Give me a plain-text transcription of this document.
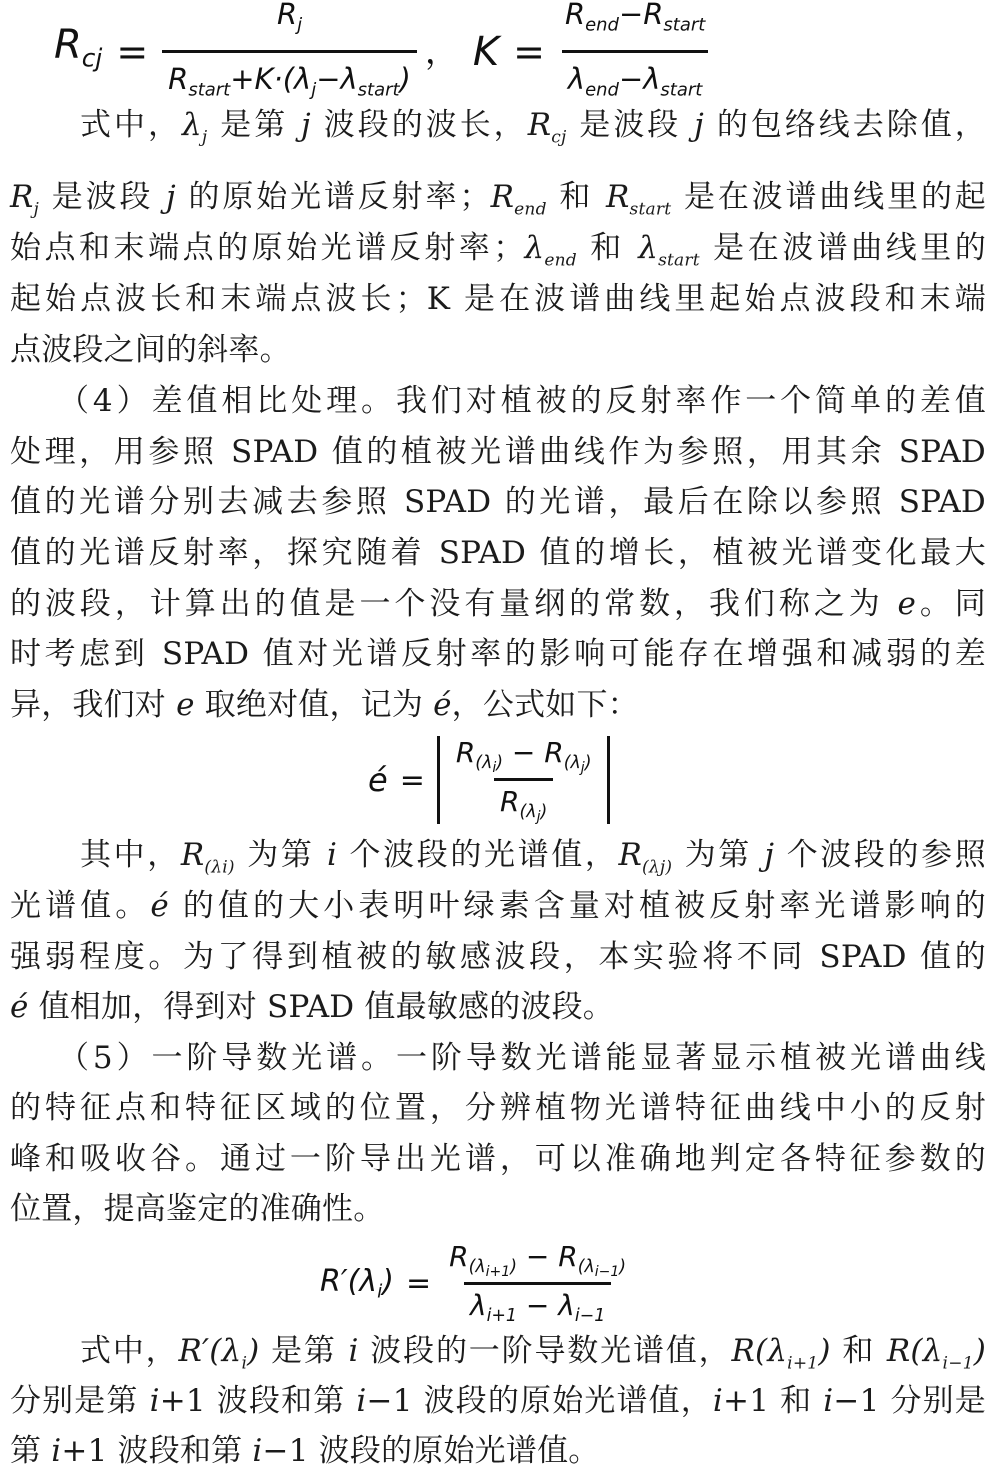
$R_{cj} = \frac{R_j}{R_{start}+K\cdot(\lambda_j-\lambda_{start})}$ ， $K = \frac{R_{end}-R_{start}}{\lambda_{end}-\lambda_{start}}$
式中，$\lambda_j$ 是第 j 波段的波长，$R_{cj}$ 是波段 j 的包络线去除值，
$R_j$ 是波段 j 的原始光谱反射率；$R_{end}$ 和 $R_{start}$ 是在波谱曲线里的起
始点和末端点的原始光谱反射率；$\lambda_{end}$ 和 $\lambda_{start}$ 是在波谱曲线里的
起始点波长和末端点波长；K 是在波谱曲线里起始点波段和末端
点波段之间的斜率。
（4）差值相比处理。我们对植被的反射率作一个简单的差值
处理，用参照 SPAD 值的植被光谱曲线作为参照，用其余 SPAD
值的光谱分别去减去参照 SPAD 的光谱，最后在除以参照 SPAD
值的光谱反射率，探究随着 SPAD 值的增长，植被光谱变化最大
的波段，计算出的值是一个没有量纲的常数，我们称之为 e。同
时考虑到 SPAD 值对光谱反射率的影响可能存在增强和减弱的差
异，我们对 e 取绝对值，记为 é，公式如下：
é = $\frac{R_{(\lambda i)} - R_{(\lambda j)}}{R_{(\lambda j)}}$
其中，$R_{(\lambda i)}$ 为第 i 个波段的光谱值，$R_{(\lambda j)}$ 为第 j 个波段的参照
光谱值。é 的值的大小表明叶绿素含量对植被反射率光谱影响的
强弱程度。为了得到植被的敏感波段，本实验将不同 SPAD 值的
é 值相加，得到对 SPAD 值最敏感的波段。
（5）一阶导数光谱。一阶导数光谱能显著显示植被光谱曲线
的特征点和特征区域的位置，分辨植物光谱特征曲线中小的反射
峰和吸收谷。通过一阶导出光谱，可以准确地判定各特征参数的
位置，提高鉴定的准确性。
$R'(\lambda_i) = \frac{R_{(\lambda i+1)} - R_{(\lambda i-1)}}{\lambda_{i+1} - \lambda_{i-1}}$
式中，$R'(\lambda_i)$ 是第 i 波段的一阶导数光谱值，$R(\lambda_{i+1})$ 和 $R(\lambda_{i-1})$
分别是第 i+1 波段和第 i−1 波段的原始光谱值，i+1 和 i−1 分别是
第 i+1 波段和第 i−1 波段的原始光谱值。
